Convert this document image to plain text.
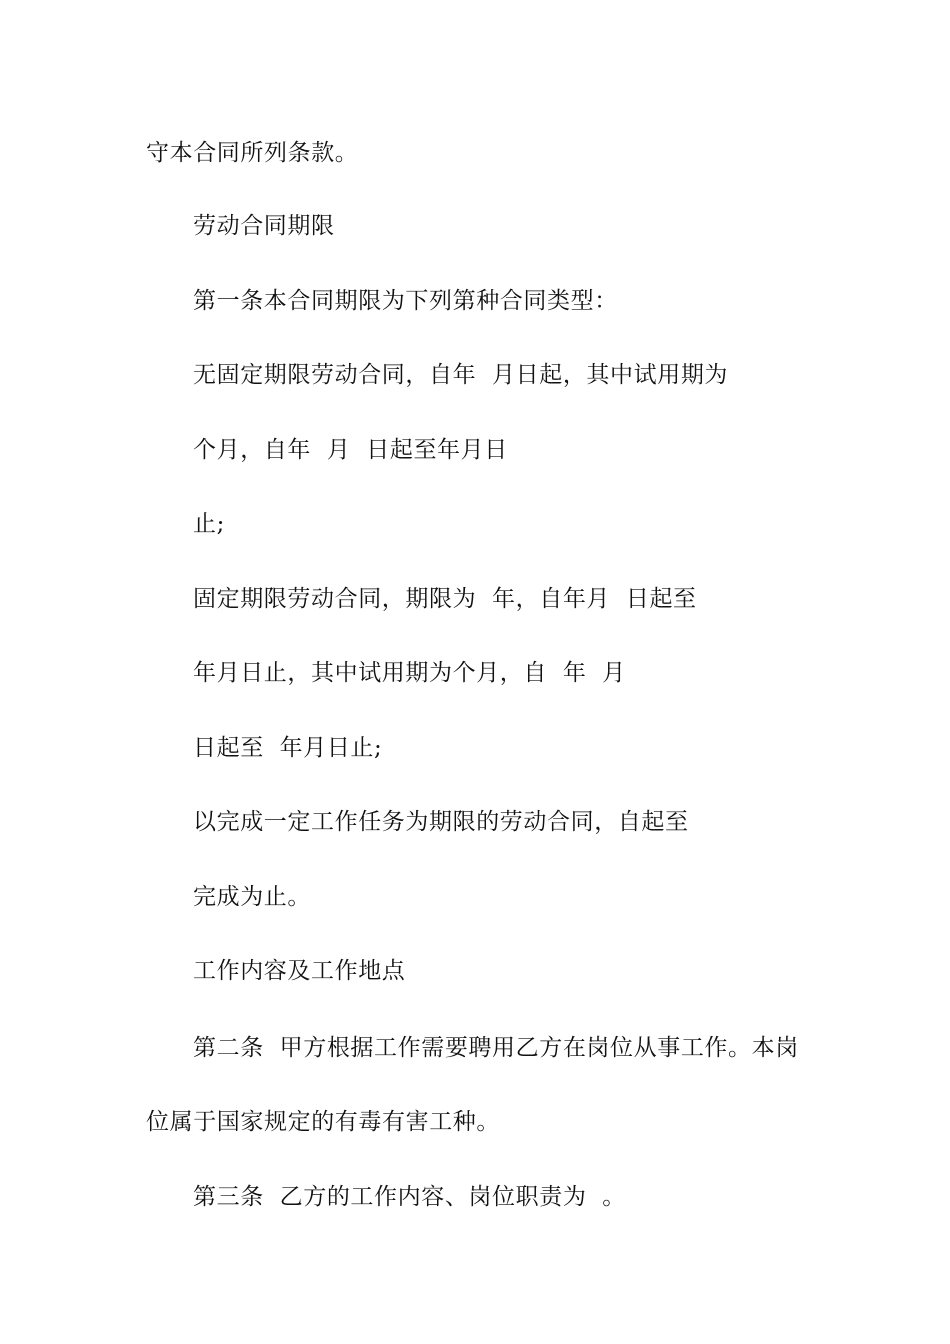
守本合同所列条款。

劳动合同期限

第一条本合同期限为下列第种合同类型：

无固定期限劳动合同，自年  月日起，其中试用期为

个月，自年  月  日起至年月日

止;

固定期限劳动合同，期限为  年，自年月  日起至

年月日止，其中试用期为个月，自  年  月

日起至  年月日止;

以完成一定工作任务为期限的劳动合同，自起至

完成为止。

工作内容及工作地点

第二条  甲方根据工作需要聘用乙方在岗位从事工作。本岗

位属于国家规定的有毒有害工种。

第三条  乙方的工作内容、岗位职责为  。
